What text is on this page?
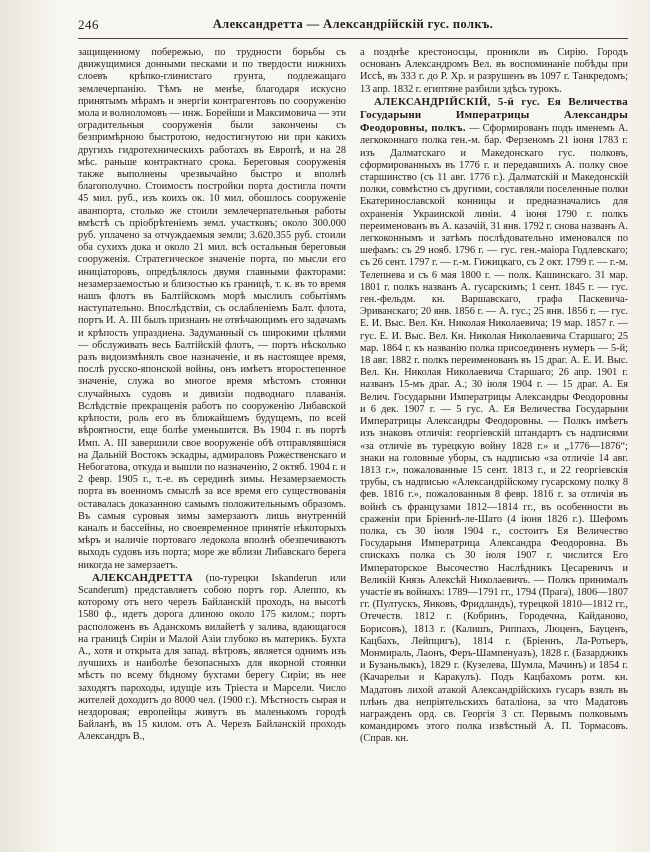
246	Александретта — Александрійскій гус. полкъ.

защищенному побережью, по трудности борьбы съ движущимися донными песками и по твердости нижнихъ слоевъ крѣпко-глинистаго грунта, подлежащаго землечерпанію. Тѣмъ не менѣе, благодаря искусно принятымъ мѣрамъ и энергіи контрагентовъ по сооруженію мола и волноломовъ — инж. Борейши и Максимовича — эти оградительныя сооруженія были закончены съ безпримѣрною быстротою, недостигнутою ни при какихъ другихъ гидротехническихъ работахъ въ Европѣ, и на 28 мѣс. раньше контрактнаго срока. Береговыя сооруженія также выполнены чрезвычайно быстро и вполнѣ благополучно. Стоимость постройки порта достигла почти 45 мил. руб., изъ коихъ ок. 10 мил. обошлось сооруженіе аванпорта, столько же стоили землечерпательныя работы вмѣстѣ съ пріобрѣтеніемъ земл. участковъ; около 300.000 руб. уплачено за отчуждаемыя земли; 3.620.355 руб. стоили оба сухихъ дока и около 21 мил. всѣ остальныя береговыя сооруженія. Стратегическое значеніе порта, по мысли его иниціаторовъ, опредѣлялось двумя главными факторами: незамерзаемостью и близостью къ границѣ, т. к. въ то время нашъ флотъ въ Балтійскомъ морѣ мыслилъ событіямъ наступательно. Впослѣдствіи, съ ослабленіемъ Балт. флота, портъ И. А. III былъ признанъ не отвѣчающимъ его задачамъ и крѣпость упразднена. Задуманный съ широкими цѣлями — обслуживать весь Балтійскій флотъ, — портъ нѣсколько разъ видоизмѣнялъ свое назначеніе, и въ настоящее время, послѣ русско-японской войны, онъ имѣетъ второстепенное значеніе, служа во многое время мѣстомъ стоянки случайныхъ судовъ и дивизіи подводнаго плаванія. Вслѣдствіе прекращенія работъ по сооруженію Либавской крѣпости, роль его въ ближайшемъ будущемъ, по всей вѣроятности, еще болѣе уменьшится. Въ 1904 г. въ портѣ Имп. А. III завершили свое вооруженіе обѣ отправлявшіяся на Дальній Востокъ эскадры, адмираловъ Рожественскаго и Небогатова, откуда и вышли по назначенію, 2 октяб. 1904 г. и 2 февр. 1905 г., т.-е. въ серединѣ зимы. Незамерзаемость порта въ военномъ смыслѣ за все время его существованія оставалась доказанною самымъ положительнымъ образомъ. Въ самыя суровыя зимы замерзаютъ лишь внутренній каналъ и бассейны, но своевременное принятіе нѣкоторыхъ мѣръ и наличіе портоваго ледокола вполнѣ обезпечиваютъ выходъ судовъ изъ порта; море же вблизи Либавскаго берега никогда не замерзаетъ.

АЛЕКСАНДРЕТТА (по-турецки Iskanderun или Scanderum) представляетъ собою портъ гор. Алеппо, къ которому отъ него черезъ Байланскій проходъ, на высотѣ 1580 ф., идетъ дорога длиною около 175 килом.; портъ расположенъ въ Аданскомъ вилайетѣ у залива, вдающагося на границѣ Сиріи и Малой Азіи глубоко въ материкъ. Бухта А., хотя и открыта для запад. вѣтровъ, является однимъ изъ лучшихъ и наиболѣе безопасныхъ для якорной стоянки мѣстъ по всему бѣдному бухтами берегу Сиріи; въ нее заходятъ пароходы, идущіе изъ Тріеста и Марсели. Число жителей доходитъ до 8000 чел. (1900 г.). Мѣстность сырая и нездоровая; европейцы живутъ въ маленькомъ городѣ Байланѣ, въ 15 килом. отъ А. Черезъ Байланскій проходъ Александръ В.,

а позднѣе крестоносцы, проникли въ Сирію. Городъ основанъ Александромъ Вел. въ воспоминаніе побѣды при Иссѣ, въ 333 г. до Р. Хр. и разрушенъ въ 1097 г. Танкредомъ; 13 апр. 1832 г. египтяне разбили здѣсь турокъ.

АЛЕКСАНДРІЙСКІЙ, 5-й гус. Ея Величества Государыни Императрицы Александры Феодоровны, полкъ. — Сформированъ подъ именемъ А. легкоконнаго полка ген.-м. бар. Ферзеномъ 21 іюня 1783 г. изъ Далматскаго и Македонскаго гус. полковъ, сформированныхъ въ 1776 г. и передавшихъ А. полку свое старшинство (съ 11 авг. 1776 г.). Далматскій и Македонскій полки, совмѣстно съ другими, составляли поселенные полки Екатеринославской конницы и предназначались для охраненія Украинской линіи. 4 іюня 1790 г. полкъ переименованъ въ А. казачій, 31 янв. 1792 г. снова названъ А. легкоконнымъ и затѣмъ послѣдовательно именовался по шефамъ: съ 29 нояб. 1796 г. — гус. ген.-маіора Годлевскаго; съ 26 сент. 1797 г. — г.-м. Гижицкаго, съ 2 окт. 1799 г. — г.-м. Телепнева и съ 6 мая 1800 г. — полк. Кашинскаго. 31 мар. 1801 г. полкъ названъ А. гусарскимъ; 1 сент. 1845 г. — гус. ген.-фельдм. кн. Варшавскаго, графа Паскевича-Эриванскаго; 20 янв. 1856 г. — А. гус.; 25 янв. 1856 г. — гус. Е. И. Выс. Вел. Кн. Николая Николаевича; 19 мар. 1857 г. — гус. Е. И. Выс. Вел. Кн. Николая Николаевича Старшаго; 25 мар. 1864 г. къ названію полка присоединенъ нумеръ — 5-й; 18 авг. 1882 г. полкъ переименованъ въ 15 драг. А. Е. И. Выс. Вел. Кн. Николая Николаевича Старшаго; 26 апр. 1901 г. названъ 15-мъ драг. А.; 30 іюля 1904 г. — 15 драг. А. Ея Велич. Государыни Императрицы Александры Феодоровны и 6 дек. 1907 г. — 5 гус. А. Ея Величества Государыни Императрицы Александры Феодоровны. — Полкъ имѣетъ изъ знаковъ отличія: георгіевскій штандартъ съ надписями «за отличіе въ турецкую войну 1828 г.» и „1776—1876“; знаки на головные уборы, съ надписью «за отличіе 14 авг. 1813 г.», пожалованные 15 сент. 1813 г., и 22 георгіевскія трубы, съ надписью «Александрійскому гусарскому полку 8 фев. 1816 г.», пожалованныя 8 февр. 1816 г. за отличія въ войнѣ съ французами 1812—1814 гг., въ особенности въ сраженіи при Бріеннѣ-ле-Шато (4 іюня 1826 г.). Шефомъ полка, съ 30 іюля 1904 г., состоитъ Ея Величество Государыня Императрица Александра Феодоровна. Въ спискахъ полка съ 30 іюля 1907 г. числится Его Императорское Высочество Наслѣдникъ Цесаревичъ и Великій Князь Алексѣй Николаевичъ. — Полкъ принималъ участіе въ войнахъ: 1789—1791 гг., 1794 (Прага), 1806—1807 гг. (Пултускъ, Янковъ, Фридландъ), турецкой 1810—1812 гг., Отечеств. 1812 г. (Кобринъ, Городечна, Кайданово, Борисовъ), 1813 г. (Калишъ, Риппахъ, Люценъ, Бауценъ, Кацбахъ, Лейпцигъ), 1814 г. (Бріеннъ, Ла-Ротьеръ, Монмираль, Лаонъ, Феръ-Шампенуазъ), 1828 г. (Базарджикъ и Бузаньлыкъ), 1829 г. (Кузелева, Шумла, Мачинъ) и 1854 г. (Качарельи и Каракулъ). Подъ Кацбахомъ ротм. кн. Мадатовъ лихой атакой Александрійскихъ гусаръ взялъ въ плѣнъ два непріятельскихъ баталіона, за что Мадатовъ награжденъ орд. св. Георгія 3 ст. Первымъ полковымъ командиромъ этого полка извѣстный А. П. Тормасовъ. (Справ. кн.
